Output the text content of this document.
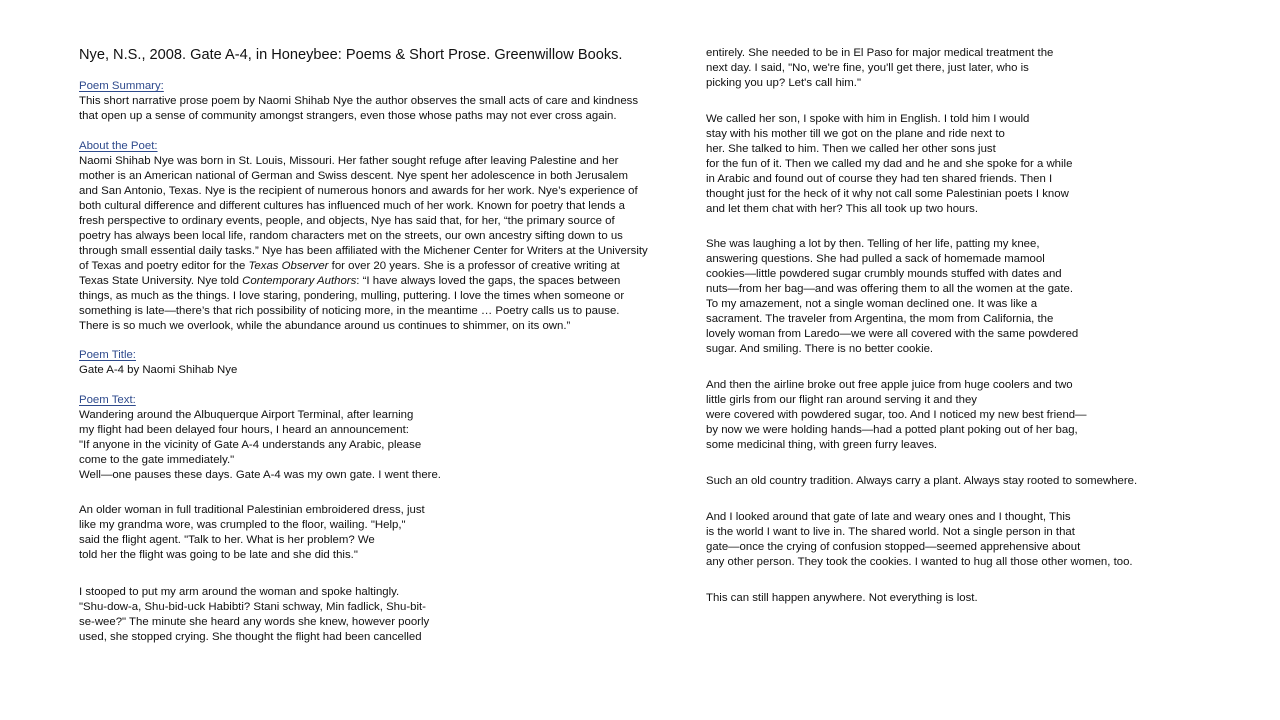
Nye, N.S., 2008. Gate A-4, in Honeybee: Poems & Short Prose. Greenwillow Books.
Poem Summary:
This short narrative prose poem by Naomi Shihab Nye the author observes the small acts of care and kindness that open up a sense of community amongst strangers, even those whose paths may not ever cross again.
About the Poet:
Naomi Shihab Nye was born in St. Louis, Missouri. Her father sought refuge after leaving Palestine and her mother is an American national of German and Swiss descent. Nye spent her adolescence in both Jerusalem and San Antonio, Texas. Nye is the recipient of numerous honors and awards for her work. Nye’s experience of both cultural difference and different cultures has influenced much of her work. Known for poetry that lends a fresh perspective to ordinary events, people, and objects, Nye has said that, for her, “the primary source of poetry has always been local life, random characters met on the streets, our own ancestry sifting down to us through small essential daily tasks.” Nye has been affiliated with the Michener Center for Writers at the University of Texas and poetry editor for the Texas Observer for over 20 years. She is a professor of creative writing at Texas State University. Nye told Contemporary Authors: “I have always loved the gaps, the spaces between things, as much as the things. I love staring, pondering, mulling, puttering. I love the times when someone or something is late—there’s that rich possibility of noticing more, in the meantime … Poetry calls us to pause. There is so much we overlook, while the abundance around us continues to shimmer, on its own.”
Poem Title:
Gate A-4 by Naomi Shihab Nye
Poem Text:
Wandering around the Albuquerque Airport Terminal, after learning
my flight had been delayed four hours, I heard an announcement:
"If anyone in the vicinity of Gate A-4 understands any Arabic, please
come to the gate immediately."
Well—one pauses these days. Gate A-4 was my own gate. I went there.
An older woman in full traditional Palestinian embroidered dress, just
like my grandma wore, was crumpled to the floor, wailing. "Help,"
said the flight agent. "Talk to her. What is her problem? We
told her the flight was going to be late and she did this."
I stooped to put my arm around the woman and spoke haltingly.
"Shu-dow-a, Shu-bid-uck Habibti? Stani schway, Min fadlick, Shu-bit-
se-wee?" The minute she heard any words she knew, however poorly
used, she stopped crying. She thought the flight had been cancelled
entirely. She needed to be in El Paso for major medical treatment the
next day. I said, "No, we're fine, you'll get there, just later, who is
picking you up? Let's call him."
We called her son, I spoke with him in English. I told him I would
stay with his mother till we got on the plane and ride next to
her. She talked to him. Then we called her other sons just
for the fun of it. Then we called my dad and he and she spoke for a while
in Arabic and found out of course they had ten shared friends. Then I
thought just for the heck of it why not call some Palestinian poets I know
and let them chat with her? This all took up two hours.
She was laughing a lot by then. Telling of her life, patting my knee,
answering questions. She had pulled a sack of homemade mamool
cookies—little powdered sugar crumbly mounds stuffed with dates and
nuts—from her bag—and was offering them to all the women at the gate.
To my amazement, not a single woman declined one. It was like a
sacrament. The traveler from Argentina, the mom from California, the
lovely woman from Laredo—we were all covered with the same powdered
sugar. And smiling. There is no better cookie.
And then the airline broke out free apple juice from huge coolers and two
little girls from our flight ran around serving it and they
were covered with powdered sugar, too. And I noticed my new best friend—
by now we were holding hands—had a potted plant poking out of her bag,
some medicinal thing, with green furry leaves.
Such an old country tradition. Always carry a plant. Always stay rooted to somewhere.
And I looked around that gate of late and weary ones and I thought, This
is the world I want to live in. The shared world. Not a single person in that
gate—once the crying of confusion stopped—seemed apprehensive about
any other person. They took the cookies. I wanted to hug all those other women, too.
This can still happen anywhere. Not everything is lost.
